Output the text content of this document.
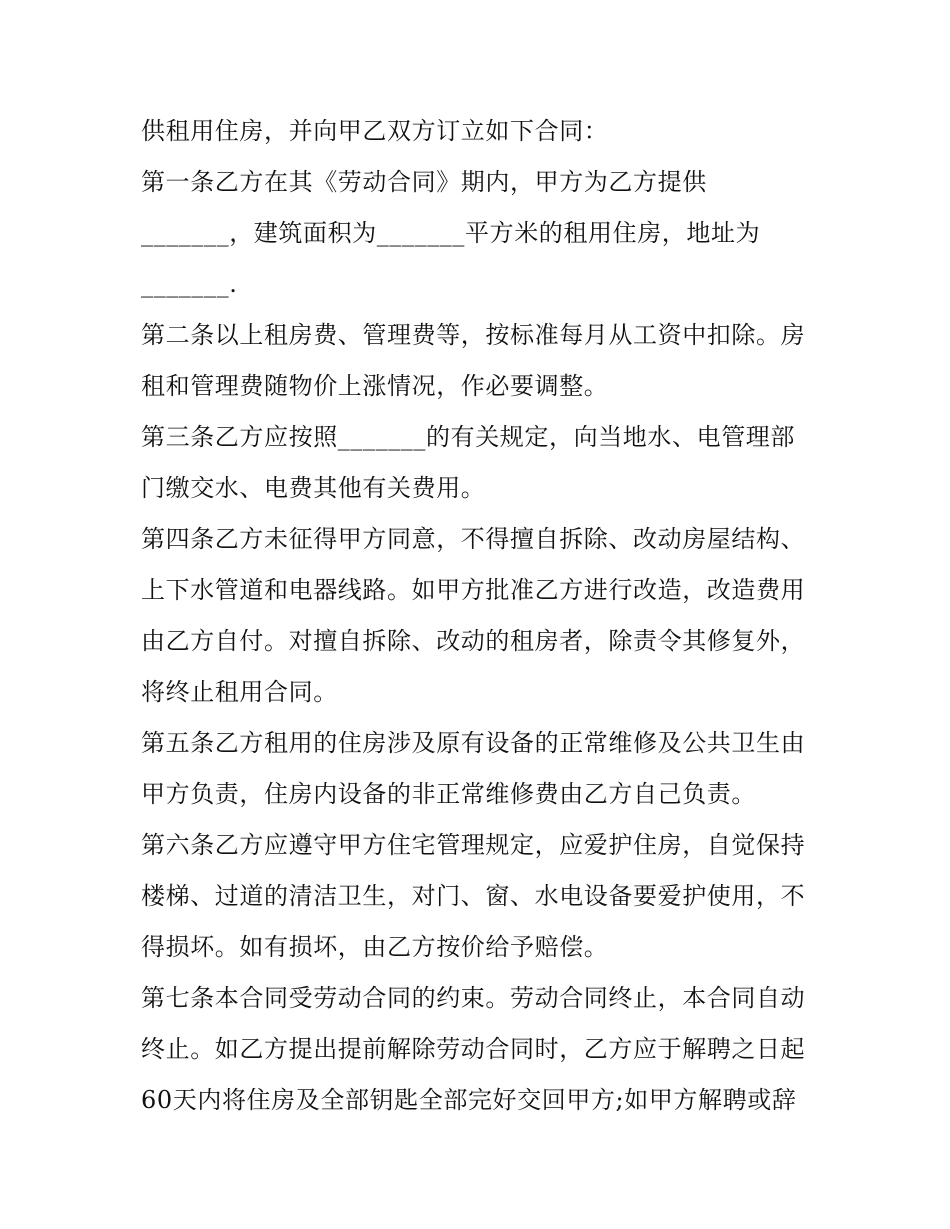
供租用住房，并向甲乙双方订立如下合同：
第一条乙方在其《劳动合同》期内，甲方为乙方提供
_______，建筑面积为_______平方米的租用住房，地址为
_______.
第二条以上租房费、管理费等，按标准每月从工资中扣除。房
租和管理费随物价上涨情况，作必要调整。
第三条乙方应按照_______的有关规定，向当地水、电管理部
门缴交水、电费其他有关费用。
第四条乙方未征得甲方同意，不得擅自拆除、改动房屋结构、
上下水管道和电器线路。如甲方批准乙方进行改造，改造费用
由乙方自付。对擅自拆除、改动的租房者，除责令其修复外，
将终止租用合同。
第五条乙方租用的住房涉及原有设备的正常维修及公共卫生由
甲方负责，住房内设备的非正常维修费由乙方自己负责。
第六条乙方应遵守甲方住宅管理规定，应爱护住房，自觉保持
楼梯、过道的清洁卫生，对门、窗、水电设备要爱护使用，不
得损坏。如有损坏，由乙方按价给予赔偿。
第七条本合同受劳动合同的约束。劳动合同终止，本合同自动
终止。如乙方提出提前解除劳动合同时，乙方应于解聘之日起
60天内将住房及全部钥匙全部完好交回甲方;如甲方解聘或辞
